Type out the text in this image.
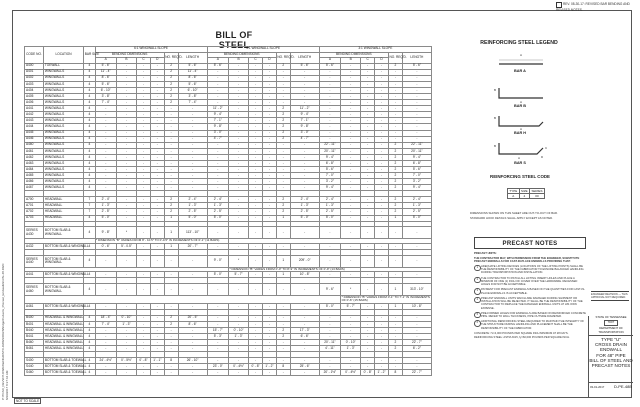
8/29/2017 8:37:44 AM
P:\TCAD_DEV\INT-DWGS\ENGR\STD-DWGS\DGN\Bridge\Culverts_Precast_Endwalls\D-PE-48.DGN
REV. 08-30-17: REVISED BAR BENDING AND REVISED NOTES.
BILL OF STEEL
CODE NO.	LOCATION	BAR SIZE	6:1 WINGWALL SLOPE						4:1 WINGWALL SLOPE						3:1 WINGWALL SLOPE					
			BENDING DIMENSIONS				NO. REQ'D.	LENGTH	BENDING DIMENSIONS				NO. REQ'D.	LENGTH	BENDING DIMENSIONS				NO. REQ'D.	LENGTH
			A	B	C	D			A	B	C	D			A	B	C	D		
A400	TOEWALL	4	5' - 6"	-	-	-	2	5' - 6"	5' - 6"	-	-	-	2	5' - 6"	5' - 6"	-	-	-	2	5' - 6"
A401	WINGWALLS	4	11' - 4"	-	-	-	2	11' - 4"	-	-	-	-	-	-	-	-	-	-	-	-
A402	WINGWALLS	4	8' - 6"	-	-	-	2	8' - 6"	-	-	-	-	-	-	-	-	-	-	-	-
A403	WINGWALLS	4	5' - 6"	-	-	-	2	5' - 6"	-	-	-	-	-	-	-	-	-	-	-	-
A404	WINGWALLS	4	6' - 10"	-	-	-	2	6' - 10"	-	-	-	-	-	-	-	-	-	-	-	-
A405	WINGWALLS	4	3' - 8"	-	-	-	2	3' - 8"	-	-	-	-	-	-	-	-	-	-	-	-
A406	WINGWALLS	4	7' - 4"	-	-	-	2	7' - 4"	-	-	-	-	-	-	-	-	-	-	-	-
A441	WINGWALLS	4	-	-	-	-	-	-	11' - 2"	-	-	-	2	11' - 2"	-	-	-	-	-	-
A442	WINGWALLS	4	-	-	-	-	-	-	9' - 4"	-	-	-	2	9' - 4"	-	-	-	-	-	-
A443	WINGWALLS	4	-	-	-	-	-	-	7' - 1"	-	-	-	2	7' - 1"	-	-	-	-	-	-
A444	WINGWALLS	4	-	-	-	-	-	-	9' - 8"	-	-	-	2	9' - 8"	-	-	-	-	-	-
A445	WINGWALLS	4	-	-	-	-	-	-	3' - 0"	-	-	-	2	3' - 0"	-	-	-	-	-	-
A446	WINGWALLS	4	-	-	-	-	-	-	4' - 7"	-	-	-	2	4' - 7"	-	-	-	-	-	-
A460	WINGWALLS	4	-	-	-	-	-	-	-	-	-	-	-	-	22' - 11"	-	-	-	2	22' - 11"
A461	WINGWALLS	4	-	-	-	-	-	-	-	-	-	-	-	-	20' - 11"	-	-	-	2	20' - 11"
A462	WINGWALLS	4	-	-	-	-	-	-	-	-	-	-	-	-	9' - 4"	-	-	-	2	9' - 4"
A463	WINGWALLS	4	-	-	-	-	-	-	-	-	-	-	-	-	6' - 8"	-	-	-	2	6' - 8"
A464	WINGWALLS	4	-	-	-	-	-	-	-	-	-	-	-	-	5' - 6"	-	-	-	2	5' - 6"
A465	WINGWALLS	4	-	-	-	-	-	-	-	-	-	-	-	-	7' - 0"	-	-	-	2	7' - 0"
A466	WINGWALLS	4	-	-	-	-	-	-	-	-	-	-	-	-	3' - 2"	-	-	-	2	3' - 2"
A467	WINGWALLS	4	-	-	-	-	-	-	-	-	-	-	-	-	9' - 4"	-	-	-	2	9' - 4"

A700	HEADWALL	7	2' - 4"	-	-	-	2	2' - 4"	2' - 4"	-	-	-	2	2' - 4"	2' - 4"	-	-	-	2	2' - 4"
A701	HEADWALL	7	1' - 3"	-	-	-	2	1' - 3"	1' - 3"	-	-	-	2	1' - 3"	1' - 3"	-	-	-	2	1' - 3"
A702	HEADWALL	7	2' - 5"	-	-	-	2	2' - 5"	2' - 5"	-	-	-	2	2' - 5"	2' - 5"	-	-	-	2	2' - 5"
A703	HEADWALL	4	5' - 0"	-	-	-	1	5' - 0"	5' - 0"	-	-	-	1	5' - 0"	5' - 0"	-	-	-	1	5' - 0"

SERIES A430	BOTTOM SLAB & WINGWALL	4	9' - 8"	*	-	-	1	113' - 10"	-	-	-	-	-	-	-	-	-	-	-	-
			* DIMENSION "B" VARIES FROM 8' - 10.5" TO 0'-0.5" IN INCREMENTS OF 0'-1" (11 BARS)																	
A432	BOTTOM SLAB & WINGWALL	4	0' - 6"	5' - 0.5"	-	-	1	20' - 7"	-	-	-	-	-	-	-	-	-	-	-	-

SERIES A440	BOTTOM SLAB & WINGWALL	4	-	-	-	-	-	-	9' - 0"	*	-	-	1	209' - 0"	-	-	-	-	-	-
										* DIMENSION "B" VARIES FROM 0'-0" TO 8'-9" IN INCREMENTS OF 0'-9" (13 BARS)										
A441	BOTTOM SLAB & WINGWALL	4	-	-	-	-	-	-	5' - 0"	5' - 7"	-	-	1	10' - 8"	-	-	-	-	-	-

SERIES A460	BOTTOM SLAB & WINGWALL	4	-	-	-	-	-	-	-	-	-	-	-	-	9' - 6"	*	-	-	1	313' - 10"
																* DIMENSION "B" VARIES FROM 0'-1" TO 7'-1" IN INCREMENTS OF 0'-6" (15 BARS)				
A461	BOTTOM SLAB & WINGWALL	4	-	-	-	-	-	-	-	-	-	-	-	-	5' - 0"	5' - 7"	-	-	1	10' - 8"

B400	HEADWALL & WINGWALL	4	18' - 4"	0' - 10"	-	-	2	20' - 5"	-	-	-	-	-	-	-	-	-	-	-	-
B401	HEADWALL & WINGWALL	4	7' - 4"	1' - 3"	-	-	2	8' - 6"	-	-	-	-	-	-	-	-	-	-	-	-
B440	HEADWALL & WINGWALL	4	-	-	-	-	-	-	15' - 7"	0' - 10"	-	-	2	17' - 3"	-	-	-	-	-	-
B441	HEADWALL & WINGWALL	4	-	-	-	-	-	-	5' - 3"	1' - 3"	-	-	2	6' - 6"	-	-	-	-	-	-
B460	HEADWALL & WINGWALL	4	-	-	-	-	-	-	-	-	-	-	-	-	20' - 11"	0' - 10"	-	-	2	22' - 7"
B461	HEADWALL & WINGWALL	4	-	-	-	-	-	-	-	-	-	-	-	-	4' - 11"	1' - 3"	-	-	2	6' - 2"

S400	BOTTOM SLAB & TOEWALL	4	24' - 4½"	0' - 5½"	0' - 8"	1' - 1"	8	26' - 10"	-	-	-	-	-	-	-	-	-	-	-	-
S440	BOTTOM SLAB & TOEWALL	4	-	-	-	-	-	-	23' - 0"	0' - 4½"	0' - 8"	1' - 2"	8	25' - 6"	-	-	-	-	-	-
S460	BOTTOM SLAB & TOEWALL	4	-	-	-	-	-	-	-	-	-	-	-	-	20' - 1½"	0' - 4½"	0' - 8"	1' - 2"	8	22' - 7"
REINFORCING STEEL LEGEND
BAR A
A
A
B
BAR B
A
B
BAR H
A
B	C
D
BAR S
REINFORCING STEEL CODE
TYPE	SIZE	SERIES
A	4	00
DIMENSIONS SHOWN ON THIS SHEET ARE OUT-TO-OUT OF BAR.
STANDARD HOOK DETAILS SHALL APPLY EXCEPT AS NOTED.
PRECAST NOTES
PRECAST UNITS:
THE CONTRACTOR MAY, WITH PERMISSION FROM THE ENGINEER, SUBSTITUTE PRECAST ENDWALLS FOR CAST-IN-PLACE ENDWALLS PROVIDING THAT:
1	ADEQUATE LIFTING DEVICES (LOCATIONS OF THE LIFTING POINTS) SHALL BE THE RESPONSIBILITY OF THE FABRICATOR TO ENSURE BALANCED HANDLING DURING TRANSPORTATION AND INSTALLATION.
2	THE CONTRACTOR TO PATCH ALL LIFTING INSERT HOLES AND PLACE A MINIMUM OF ONE (1) INCH OF COVER OVER THE HARDWARE. RECESSED HOLES FOR NOT BE ACCEPTABLE.
3	PAYMENT FOR PRECAST ENDWALLS BASED ON THE QUANTITIES FOR CAST-IN-PLACE ENDWALLS IS ACCEPTABLE.
4	PRECAST ENDWALL UNITS WHICH ARE DAMAGED DURING SHIPMENT OR INSTALLATION WILL BE REJECTED. IT SHALL BE THE RESPONSIBILITY OF THE CONTRACTOR TO REPLACE THE DAMAGED ENDWALL UNITS AT HIS OWN EXPENSE.
5	PRE-FORMED HOLES FOR ENDWALLS ARE BASED ON REINFORCED CONCRETE PIPE. REFER TO WALL THICKNESS, PIPE OUTSIDE DIAMETER.
6	ADDITIONAL REINFORCING STEEL REQUIRED TO MAINTAIN THE INTEGRITY OF THE STRUCTURE DURING HANDLING AND PLACEMENT SHALL BE THE RESPONSIBILITY OF THE FABRICATOR.
CONCRETE: f'c=4,000 POUNDS PER SQUARE INCH MINIMUM AT 28 DAYS.
REINFORCING STEEL: ASTM A615, fy=60,000 POUNDS PER SQUARE INCH.
ENGINEER REVISION — THIS APPROVAL NOT REQUIRED.
STATE OF TENNESSEE
TDOT
DEPARTMENT OF TRANSPORTATION
TYPE "U"
CROSS DRAIN ENDWALL
FOR 48" PIPE
BILL OF STEEL AND
PRECAST NOTES
03-01-2017 D-PE-48B
NOT TO SCALE
